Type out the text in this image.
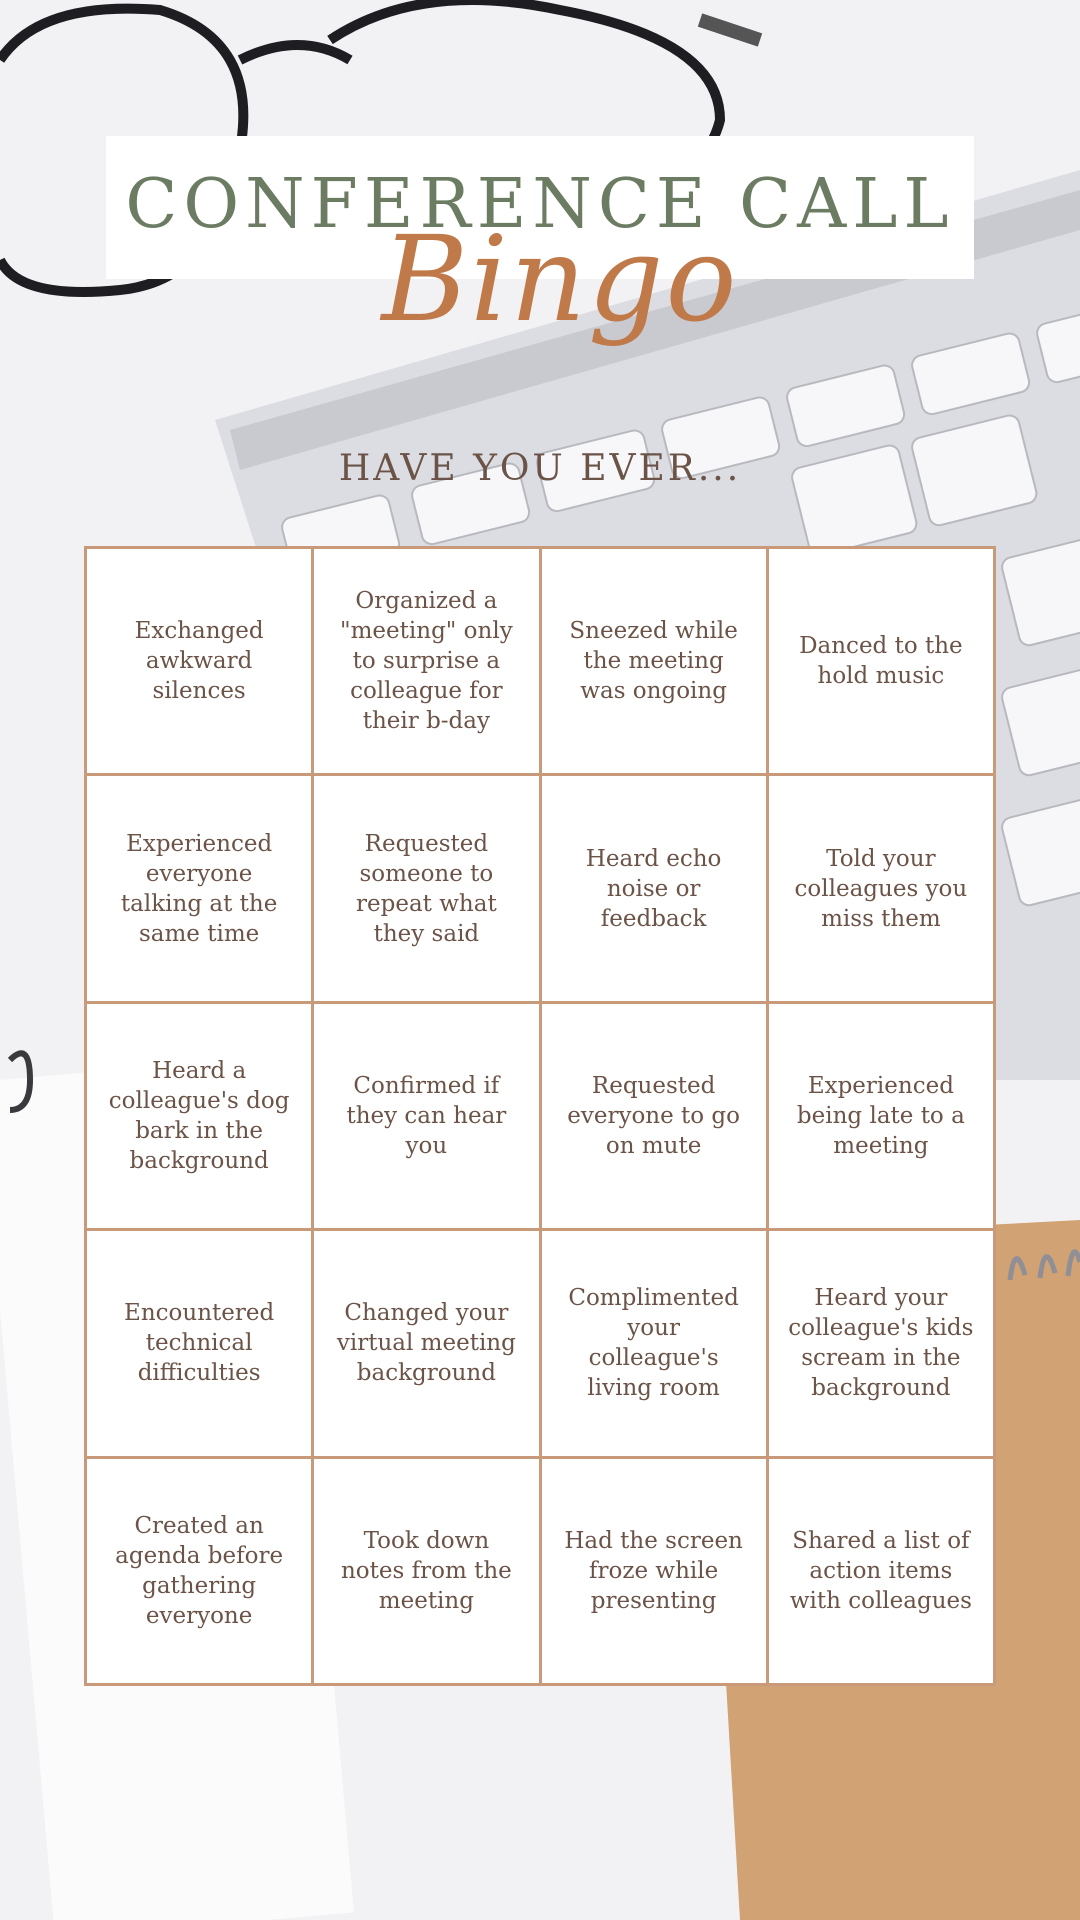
CONFERENCE CALL
Bingo
HAVE YOU EVER...
Exchanged awkward silences
Organized a "meeting" only to surprise a colleague for their b-day
Sneezed while the meeting was ongoing
Danced to the hold music
Experienced everyone talking at the same time
Requested someone to repeat what they said
Heard echo noise or feedback
Told your colleagues you miss them
Heard a colleague's dog bark in the background
Confirmed if they can hear you
Requested everyone to go on mute
Experienced being late to a meeting
Encountered technical difficulties
Changed your virtual meeting background
Complimented your colleague's living room
Heard your colleague's kids scream in the background
Created an agenda before gathering everyone
Took down notes from the meeting
Had the screen froze while presenting
Shared a list of action items with colleagues
